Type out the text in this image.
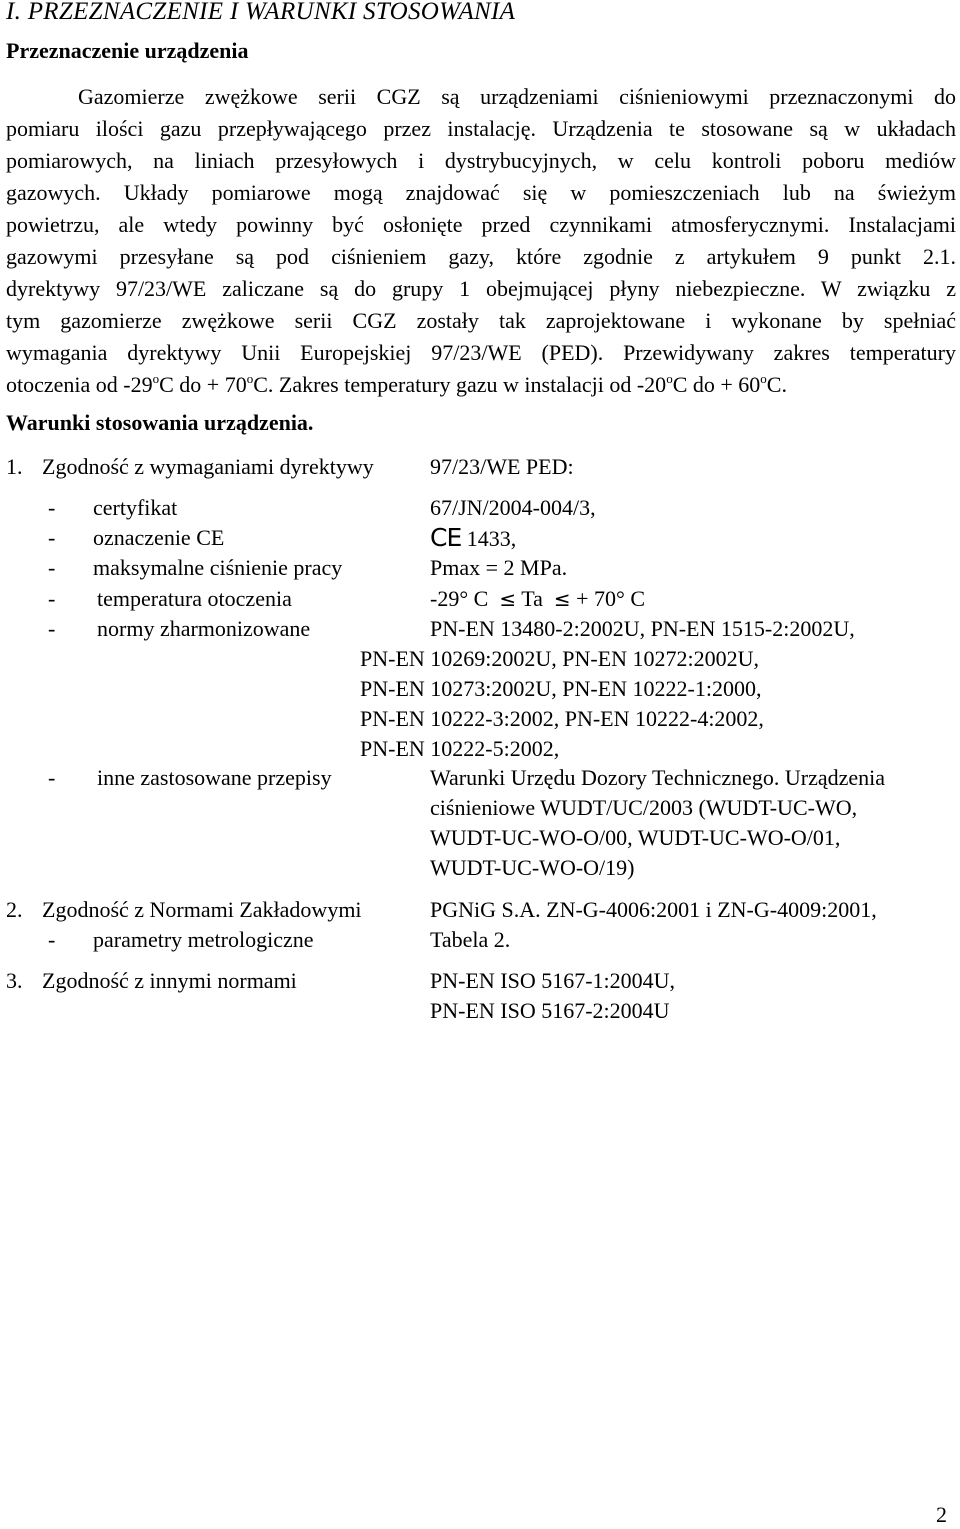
I. PRZEZNACZENIE I WARUNKI STOSOWANIA
Przeznaczenie urządzenia
Gazomierze zwężkowe serii CGZ są urządzeniami ciśnieniowymi przeznaczonymi do
pomiaru ilości gazu przepływającego przez instalację. Urządzenia te stosowane są w układach
pomiarowych, na liniach przesyłowych i dystrybucyjnych, w celu kontroli poboru mediów
gazowych. Układy pomiarowe mogą znajdować się w pomieszczeniach lub na świeżym
powietrzu, ale wtedy powinny być osłonięte przed czynnikami atmosferycznymi. Instalacjami
gazowymi przesyłane są pod ciśnieniem gazy, które zgodnie z artykułem 9 punkt 2.1.
dyrektywy 97/23/WE zaliczane są do grupy 1 obejmującej płyny niebezpieczne. W związku z
tym gazomierze zwężkowe serii CGZ zostały tak zaprojektowane i wykonane by spełniać
wymagania dyrektywy Unii Europejskiej 97/23/WE (PED). Przewidywany zakres temperatury
otoczenia od -29$^o$C do + $70^oC$. Zakres temperatury gazu w instalacji od -20$^o$C do + $60^oC$.
Warunki stosowania urządzenia.
1. Zgodność z wymaganiami dyrektywy	97/23/WE PED:
- certyfikat	67/JN/2004-004/3,
- oznaczenie CE	CE 1433,
- maksymalne ciśnienie pracy	Pmax = 2 MPa.
- temperatura otoczenia	-29° C ≤ Ta ≤ + 70° C
- normy zharmonizowane	PN-EN 13480-2:2002U, PN-EN 1515-2:2002U,
PN-EN 10269:2002U, PN-EN 10272:2002U,
PN-EN 10273:2002U, PN-EN 10222-1:2000,
PN-EN 10222-3:2002, PN-EN 10222-4:2002,
PN-EN 10222-5:2002,
- inne zastosowane przepisy	Warunki Urzędu Dozory Technicznego. Urządzenia
ciśnieniowe WUDT/UC/2003 (WUDT-UC-WO,
WUDT-UC-WO-O/00, WUDT-UC-WO-O/01,
WUDT-UC-WO-O/19)
2. Zgodność z Normami Zakładowymi	PGNiG S.A. ZN-G-4006:2001 i ZN-G-4009:2001,
- parametry metrologiczne	Tabela 2.
3. Zgodność z innymi normami	PN-EN ISO 5167-1:2004U,
PN-EN ISO 5167-2:2004U
2
